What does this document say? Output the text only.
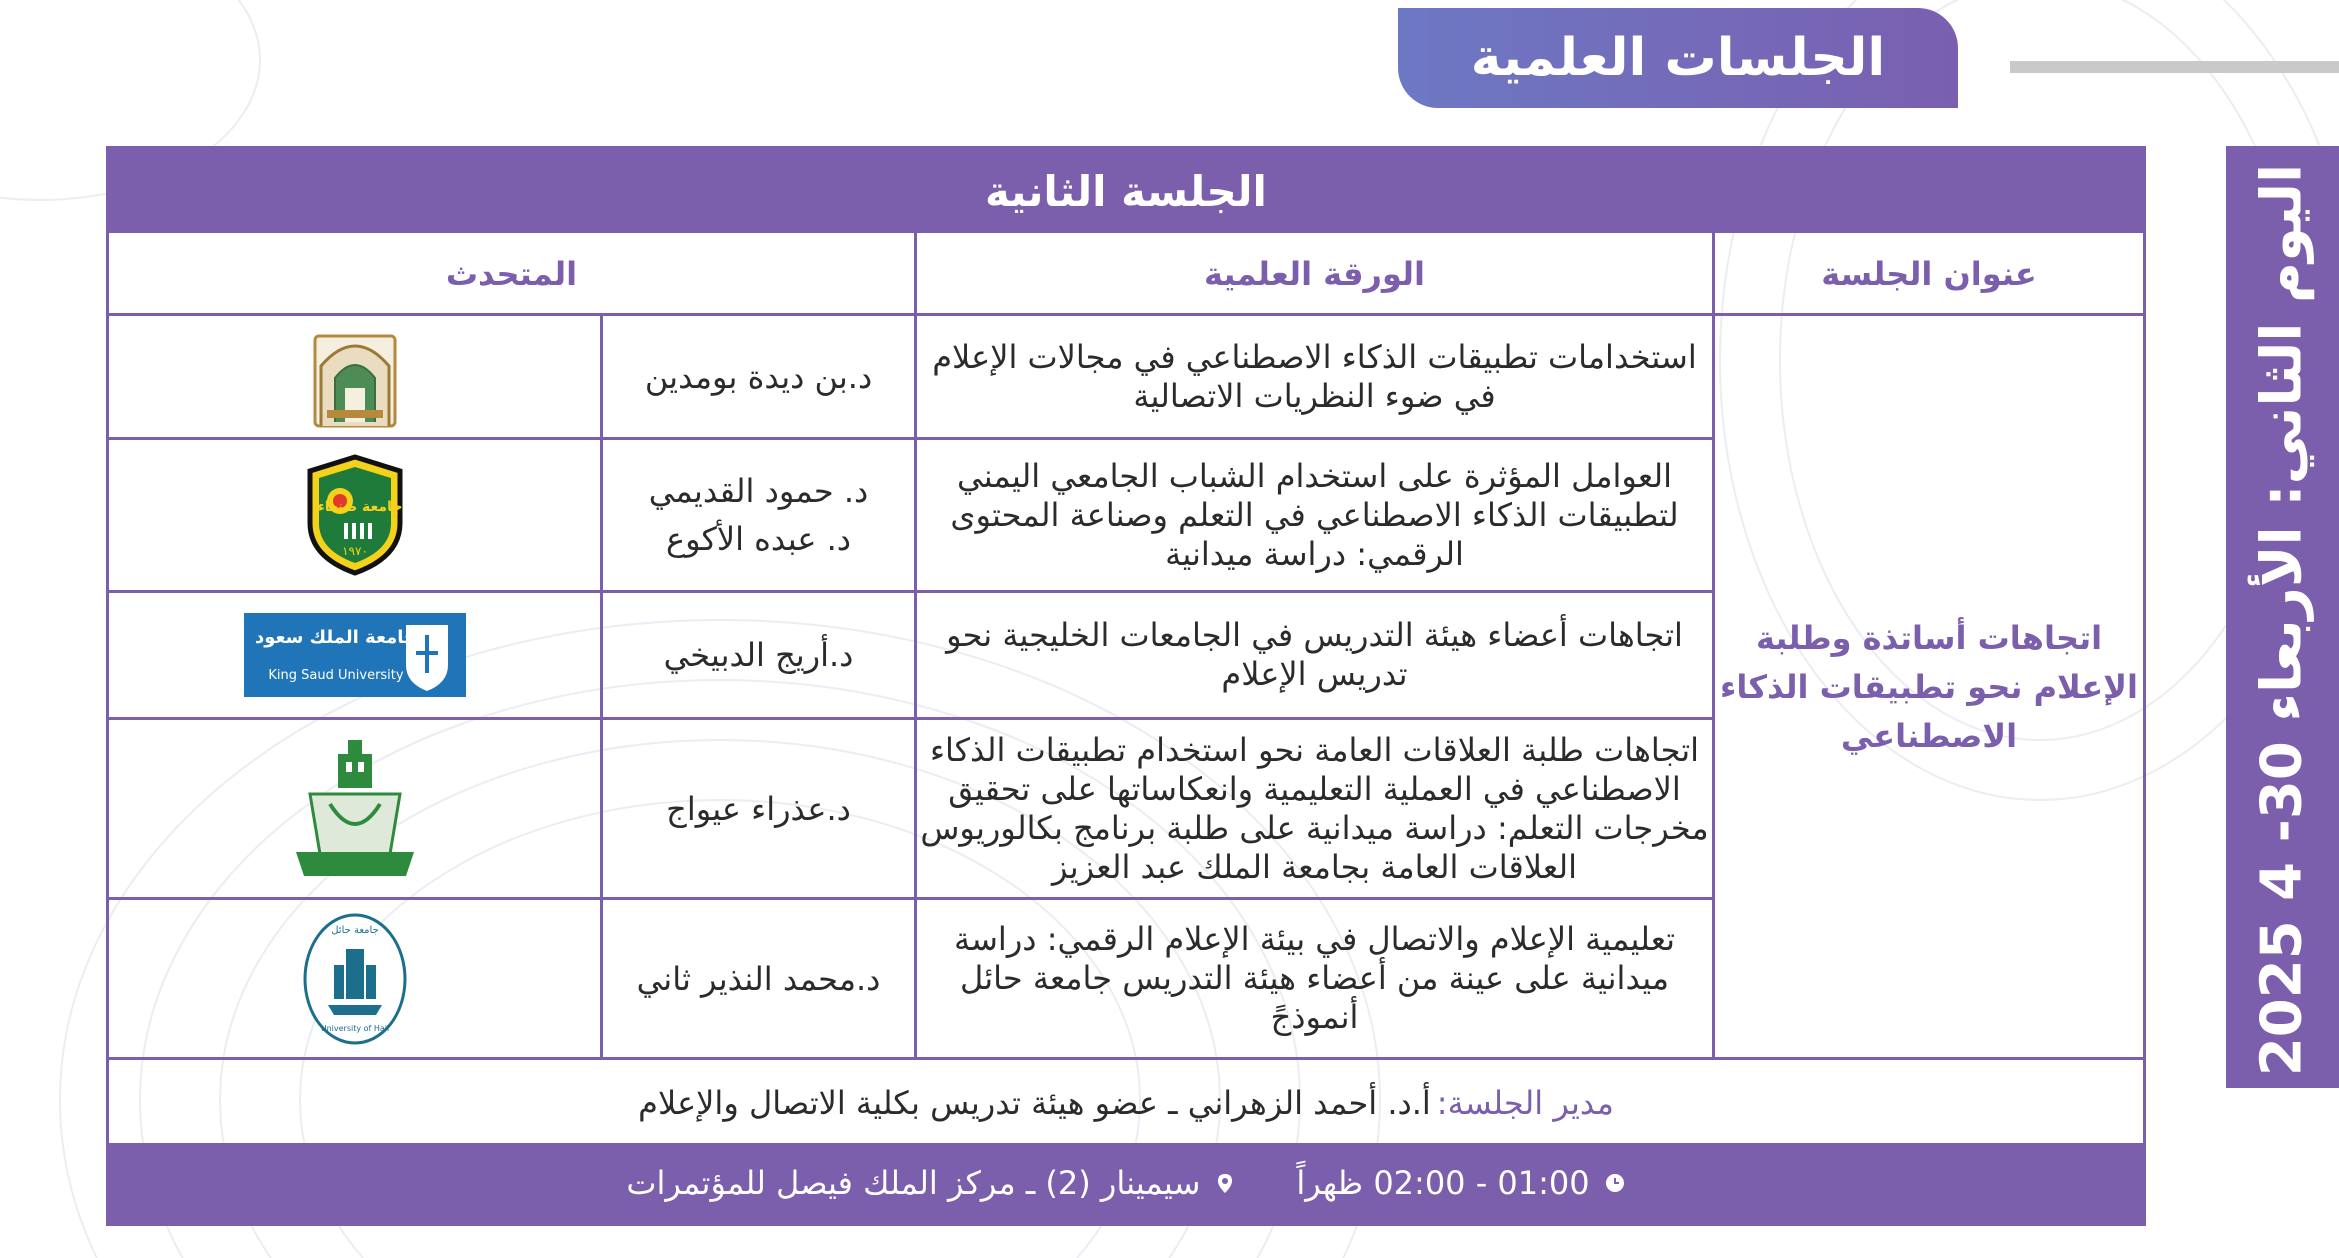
الجلسات العلمية
اليوم الثاني: الأربعاء 30- 4 2025
الجلسة الثانية
عنوان الجلسة
الورقة العلمية
المتحدث
اتجاهات أساتذة وطلبة الإعلام نحو تطبيقات الذكاء الاصطناعي
استخدامات تطبيقات الذكاء الاصطناعي في مجالات الإعلام في ضوء النظريات الاتصالية
د.بن ديدة بومدين
العوامل المؤثرة على استخدام الشباب الجامعي اليمني لتطبيقات الذكاء الاصطناعي في التعلم وصناعة المحتوى الرقمي: دراسة ميدانية
د. حمود القديمي
د. عبده الأكوع
جامعة صنعاء
١٩٧٠
اتجاهات أعضاء هيئة التدريس في الجامعات الخليجية نحو تدريس الإعلام
د.أريج الدبيخي
جامعة الملك سعود
King Saud University
اتجاهات طلبة العلاقات العامة نحو استخدام تطبيقات الذكاء الاصطناعي في العملية التعليمية وانعكاساتها على تحقيق مخرجات التعلم: دراسة ميدانية على طلبة برنامج بكالوريوس العلاقات العامة بجامعة الملك عبد العزيز
د.عذراء عيواج
تعليمية الإعلام والاتصال في بيئة الإعلام الرقمي: دراسة ميدانية على عينة من أعضاء هيئة التدريس جامعة حائل أنموذجً
د.محمد النذير ثاني
جامعة حائل
University of Hail
مدير الجلسة:
أ.د. أحمد الزهراني ـ عضو هيئة تدريس بكلية الاتصال والإعلام
01:00 - 02:00 ظهراً
سيمينار (2) ـ مركز الملك فيصل للمؤتمرات
